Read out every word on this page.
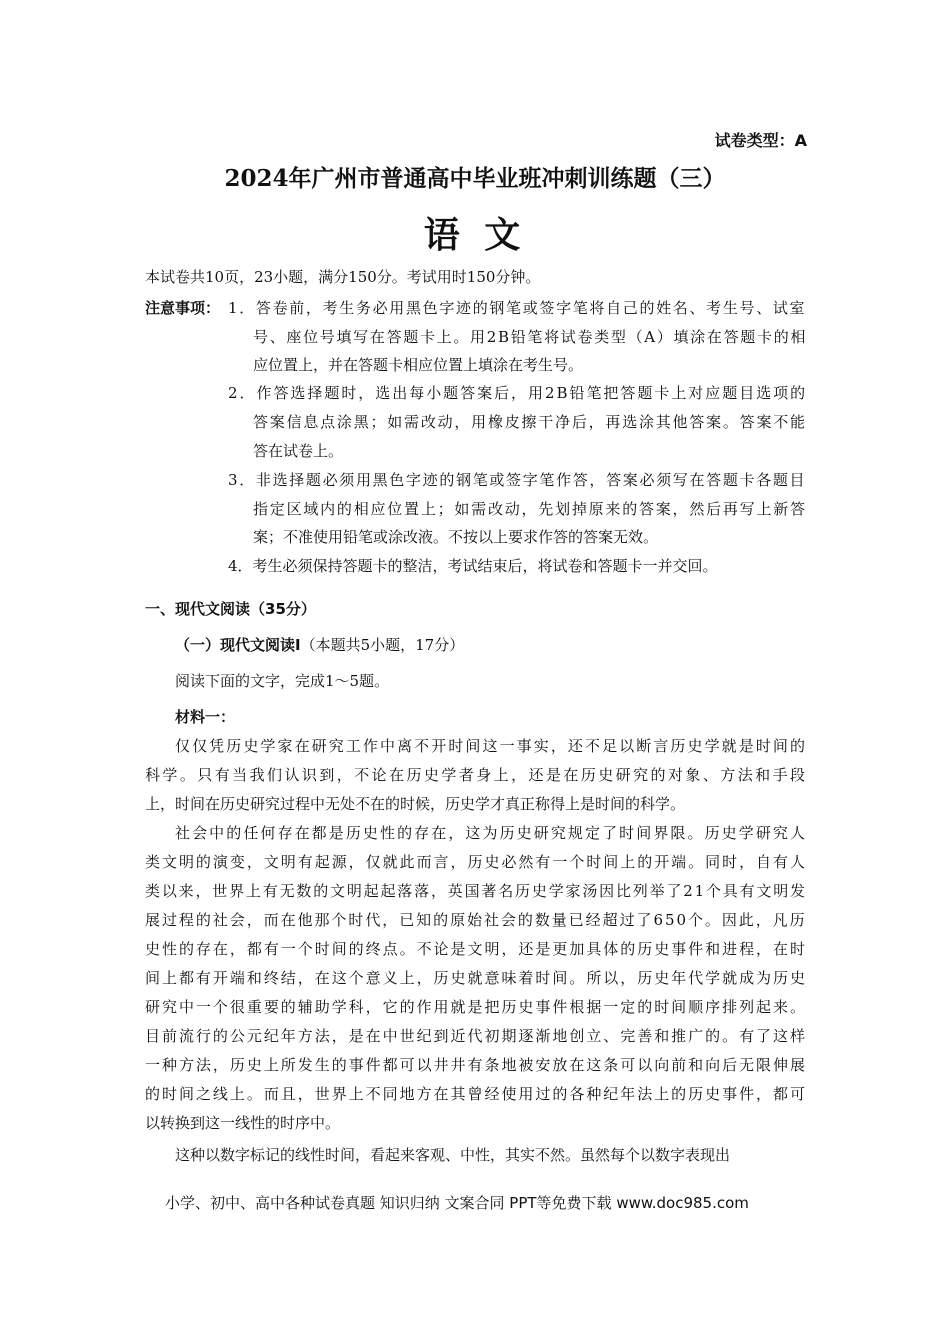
试卷类型：A
2024年广州市普通高中毕业班冲刺训练题（三）
语 文
本试卷共10页，23小题，满分150分。考试用时150分钟。
注意事项： 1．答卷前，考生务必用黑色字迹的钢笔或签字笔将自己的姓名、考生号、试室
号、座位号填写在答题卡上。用2B铅笔将试卷类型（A）填涂在答题卡的相
应位置上，并在答题卡相应位置上填涂在考生号。
2．作答选择题时，选出每小题答案后，用2B铅笔把答题卡上对应题目选项的
答案信息点涂黑；如需改动，用橡皮擦干净后，再选涂其他答案。答案不能
答在试卷上。
3．非选择题必须用黑色字迹的钢笔或签字笔作答，答案必须写在答题卡各题目
指定区域内的相应位置上；如需改动，先划掉原来的答案，然后再写上新答
案；不准使用铅笔或涂改液。不按以上要求作答的答案无效。
4．考生必须保持答题卡的整洁，考试结束后，将试卷和答题卡一并交回。
一、现代文阅读（35分）
（一）现代文阅读Ⅰ（本题共5小题，17分）
阅读下面的文字，完成1～5题。
材料一：
仅仅凭历史学家在研究工作中离不开时间这一事实，还不足以断言历史学就是时间的
科学。只有当我们认识到，不论在历史学者身上，还是在历史研究的对象、方法和手段
上，时间在历史研究过程中无处不在的时候，历史学才真正称得上是时间的科学。
社会中的任何存在都是历史性的存在，这为历史研究规定了时间界限。历史学研究人
类文明的演变，文明有起源，仅就此而言，历史必然有一个时间上的开端。同时，自有人
类以来，世界上有无数的文明起起落落，英国著名历史学家汤因比列举了21个具有文明发
展过程的社会，而在他那个时代，已知的原始社会的数量已经超过了650个。因此，凡历
史性的存在，都有一个时间的终点。不论是文明，还是更加具体的历史事件和进程，在时
间上都有开端和终结，在这个意义上，历史就意味着时间。所以，历史年代学就成为历史
研究中一个很重要的辅助学科，它的作用就是把历史事件根据一定的时间顺序排列起来。
目前流行的公元纪年方法，是在中世纪到近代初期逐渐地创立、完善和推广的。有了这样
一种方法，历史上所发生的事件都可以井井有条地被安放在这条可以向前和向后无限伸展
的时间之线上。而且，世界上不同地方在其曾经使用过的各种纪年法上的历史事件，都可
以转换到这一线性的时序中。
这种以数字标记的线性时间，看起来客观、中性，其实不然。虽然每个以数字表现出
小学、初中、高中各种试卷真题 知识归纳 文案合同 PPT等免费下载 www.doc985.com
